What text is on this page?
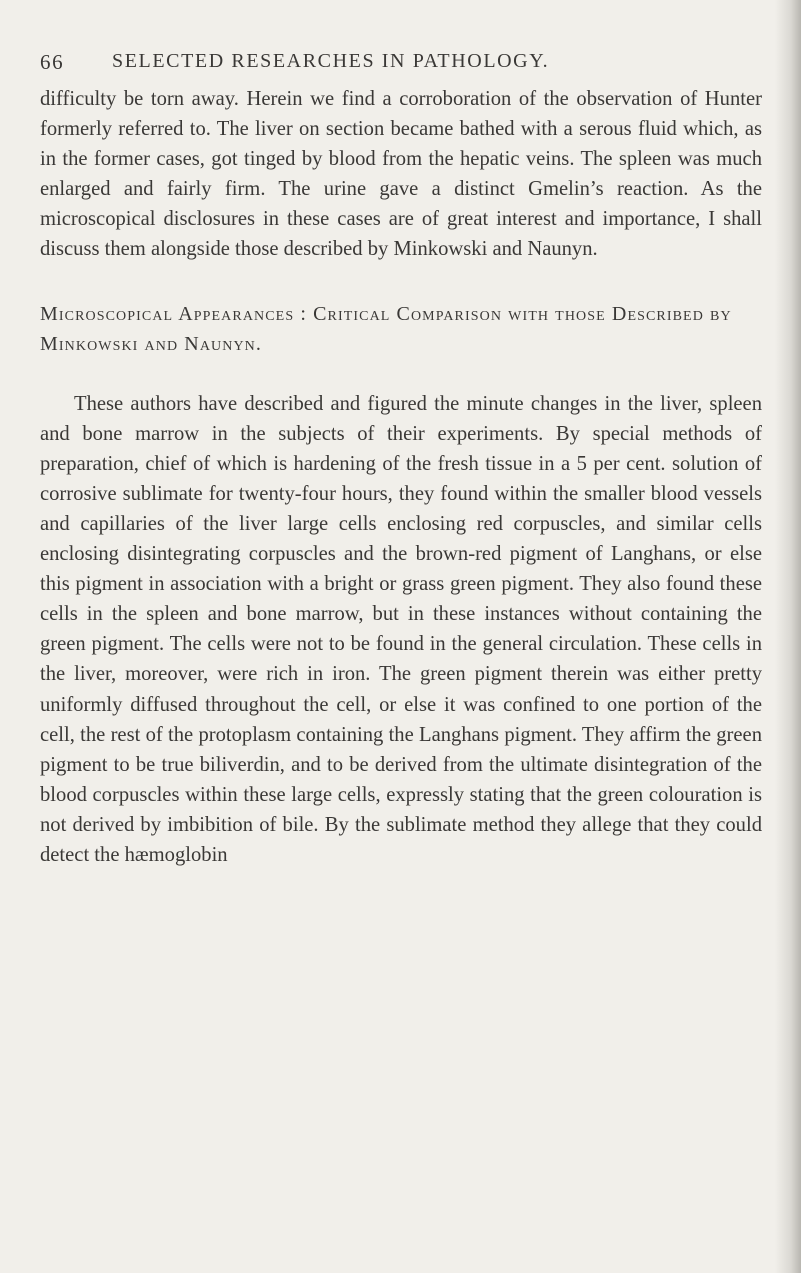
66 SELECTED RESEARCHES IN PATHOLOGY.

difficulty be torn away. Herein we find a corroboration of the observation of Hunter formerly referred to. The liver on section became bathed with a serous fluid which, as in the former cases, got tinged by blood from the hepatic veins. The spleen was much enlarged and fairly firm. The urine gave a distinct Gmelin’s reaction. As the microscopical disclosures in these cases are of great interest and importance, I shall discuss them alongside those described by Minkowski and Naunyn.

Microscopical Appearances : Critical Comparison with those Described by Minkowski and Naunyn.

These authors have described and figured the minute changes in the liver, spleen and bone marrow in the subjects of their experiments. By special methods of preparation, chief of which is hardening of the fresh tissue in a 5 per cent. solution of corrosive sublimate for twenty-four hours, they found within the smaller blood vessels and capillaries of the liver large cells enclosing red corpuscles, and similar cells enclosing disintegrating corpuscles and the brown-red pigment of Langhans, or else this pigment in association with a bright or grass green pigment. They also found these cells in the spleen and bone marrow, but in these instances without containing the green pigment. The cells were not to be found in the general circulation. These cells in the liver, moreover, were rich in iron. The green pigment therein was either pretty uniformly diffused throughout the cell, or else it was confined to one portion of the cell, the rest of the protoplasm containing the Langhans pigment. They affirm the green pigment to be true biliverdin, and to be derived from the ultimate disintegration of the blood corpuscles within these large cells, expressly stating that the green colouration is not derived by imbibition of bile. By the sublimate method they allege that they could detect the hæmoglobin
